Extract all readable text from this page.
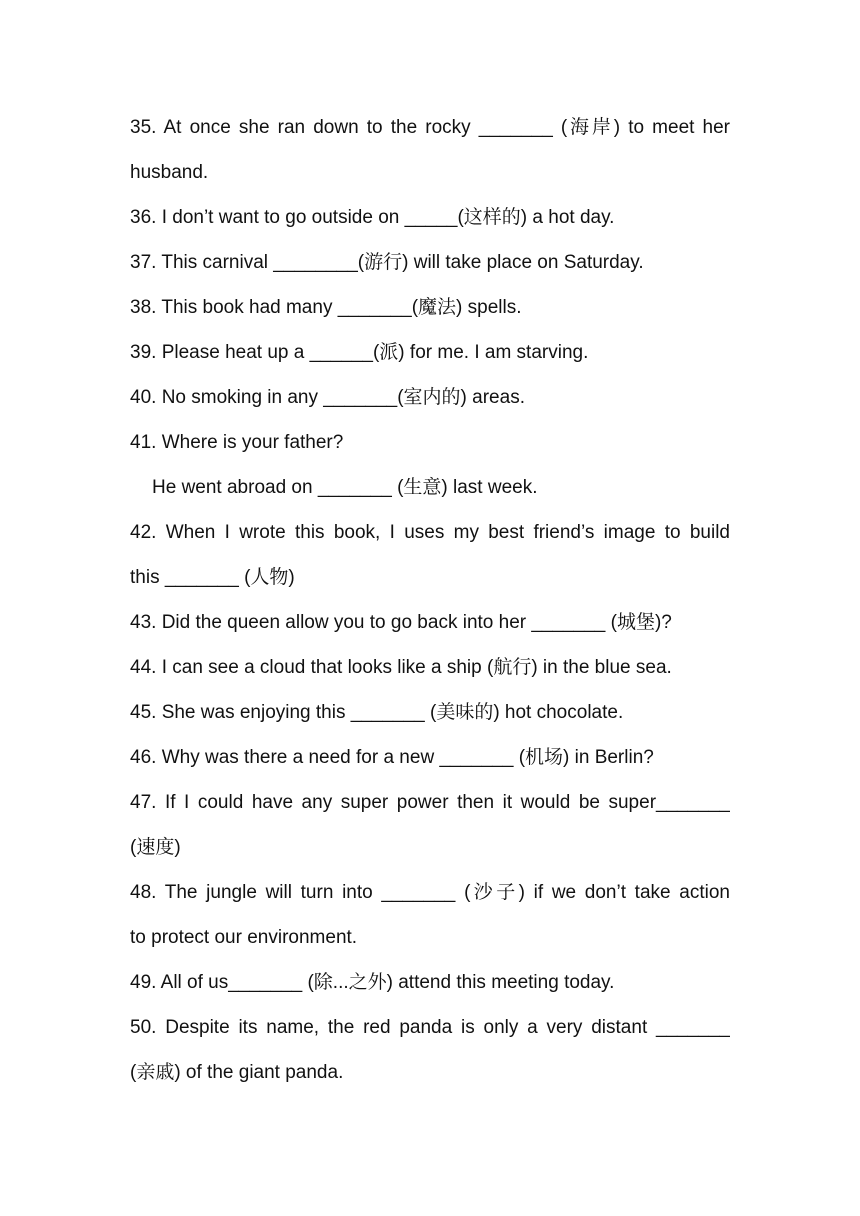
35. At once she ran down to the rocky _______ (海岸) to meet her
husband.
36. I don’t want to go outside on _____(这样的) a hot day.
37. This carnival ________(游行) will take place on Saturday.
38. This book had many _______(魔法) spells.
39. Please heat up a ______(派) for me. I am starving.
40. No smoking in any _______(室内的) areas.
41. Where is your father?
He went abroad on _______ (生意) last week.
42. When I wrote this book, I uses my best friend’s image to build
this _______ (人物)
43. Did the queen allow you to go back into her _______ (城堡)?
44. I can see a cloud that looks like a ship (航行) in the blue sea.
45. She was enjoying this _______ (美味的) hot chocolate.
46. Why was there a need for a new _______ (机场) in Berlin?
47. If I could have any super power then it would be super_______
(速度)
48. The jungle will turn into _______ (沙子) if we don’t take action
to protect our environment.
49. All of us_______ (除...之外) attend this meeting today.
50. Despite its name, the red panda is only a very distant _______
(亲戚) of the giant panda.
